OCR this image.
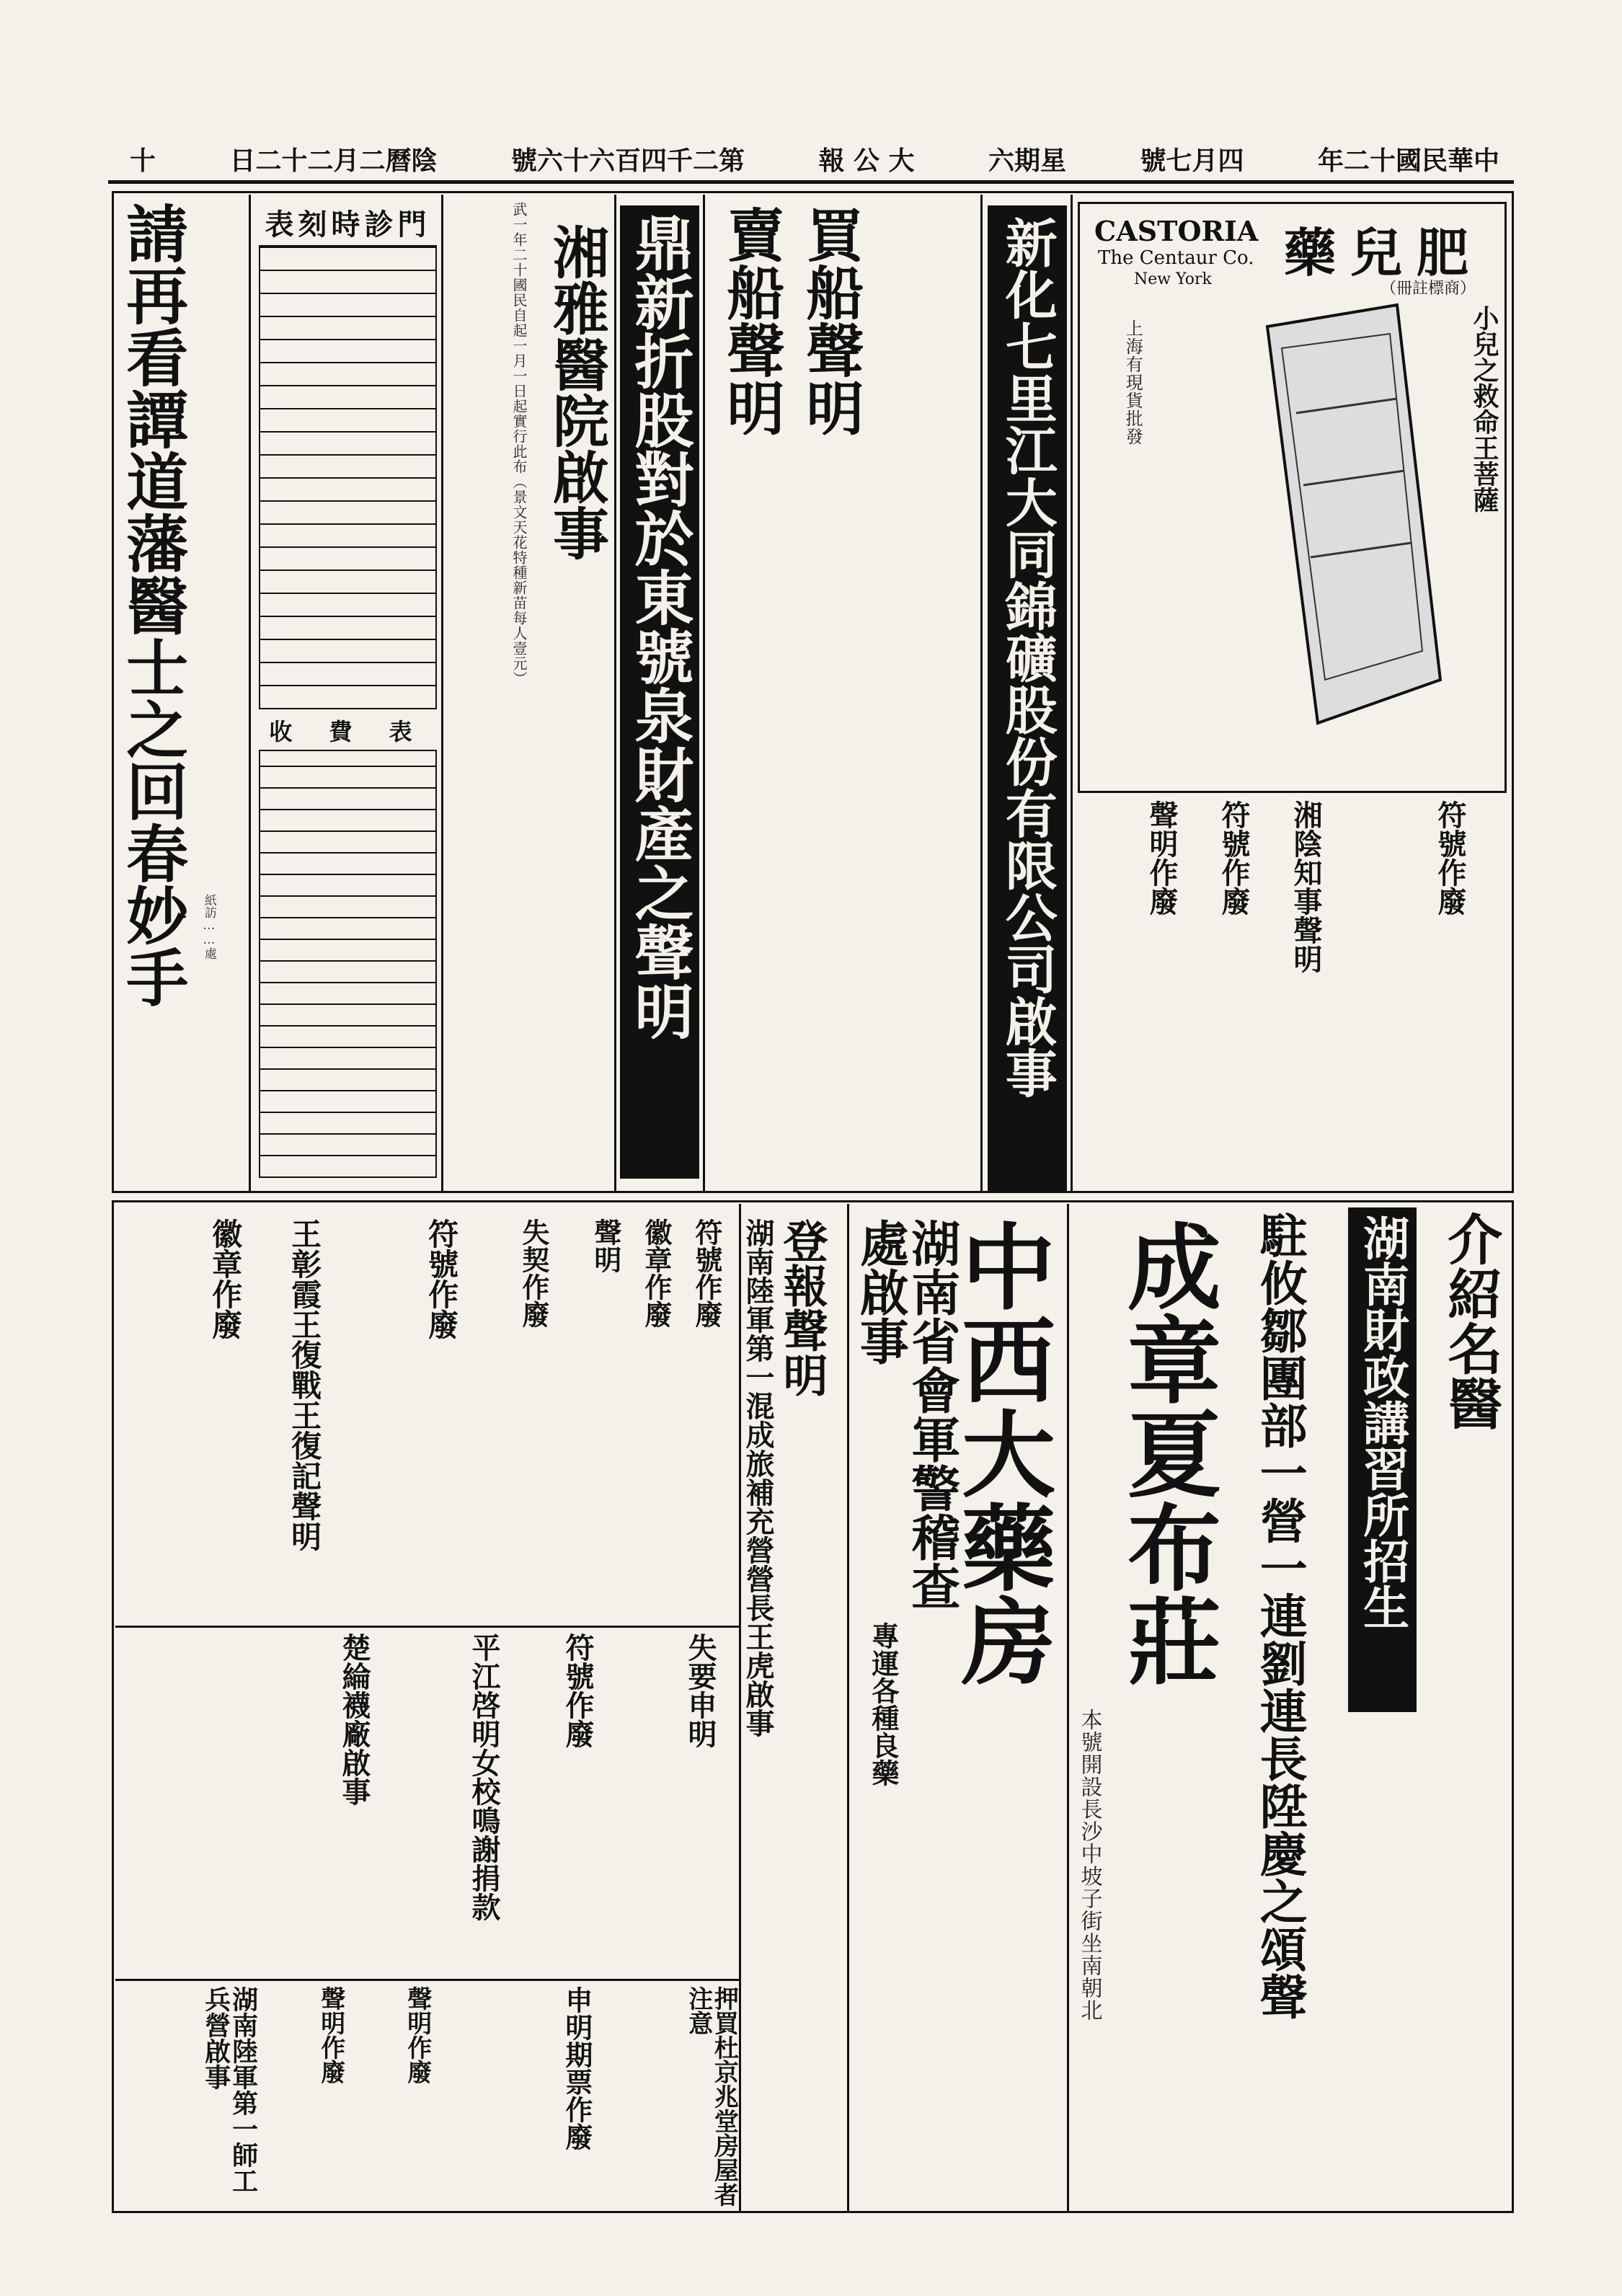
十	日二十二月二曆陰	號六十六百四千二第	報 公 大	六期星	號七月四	年二十國民華中
請再看譚道藩醫士之回春妙手 紙訪……處
表刻時診門
收 費 表
湘雅醫院啟事
武一年二十國民自起一月一日起實行此布（景文天花特種新苗每人壹元） 鼎新折股對於東號泉財產之聲明 賣船聲明 買船聲明	新化七里江大同錦礦股份有限公司啟事 CASTORIA
The Centaur Co.
New York 藥兒肥
（冊註標商）
小兒之救命王菩薩
上海有現貨批發
符號作廢
湘陰知事聲明
符號作廢
聲明作廢
介紹名醫
湖南財政講習所招生
駐攸鄒團部一營一連劉連長陞慶之頌聲
成章夏布莊
本號開設長沙中坡子街坐南朝北
中西大藥房
專運各種良藥
湖南省會軍警稽查處啟事
登報聲明
湖南陸軍第一混成旅補充營營長王虎啟事
符號作廢
徽章作廢
聲明
失契作廢
符號作廢
王彰霞王復戰王復記聲明
徽章作廢
失要申明
符號作廢
平江啓明女校鳴謝捐款
楚綸襪廠啟事
押買杜京兆堂房屋者注意
申明期票作廢
聲明作廢
聲明作廢
湖南陸軍第一師工兵營啟事
